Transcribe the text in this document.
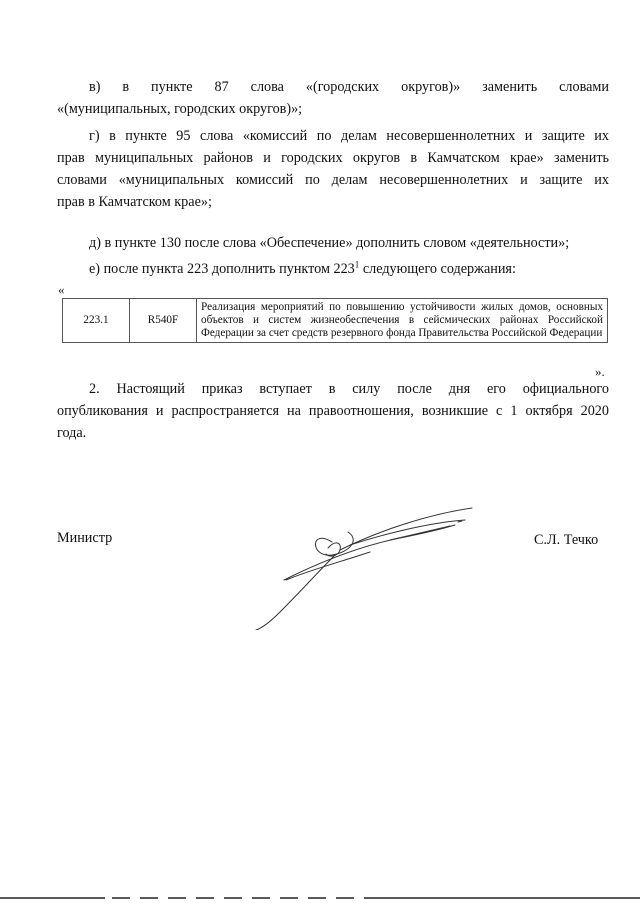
в) в пункте 87 слова «(городских округов)» заменить словами
«(муниципальных, городских округов)»;
г) в пункте 95 слова «комиссий по делам несовершеннолетних и защите их
прав муниципальных районов и городских округов в Камчатском крае» заменить
словами «муниципальных комиссий по делам несовершеннолетних и защите их
прав в Камчатском крае»;
д) в пункте 130 после слова «Обеспечение» дополнить словом «деятельности»;
е) после пункта 223 дополнить пунктом $223^1$ следующего содержания:
«
223.1	R540F	Реализация мероприятий по повышению устойчивости жилых домов, основных объектов и систем жизнеобеспечения в сейсмических районах Российской Федерации за счет средств резервного фонда Правительства Российской Федерации
».
2. Настоящий приказ вступает в силу после дня его официального
опубликования и распространяется на правоотношения, возникшие с 1 октября 2020
года.
Министр	С.Л. Течко
